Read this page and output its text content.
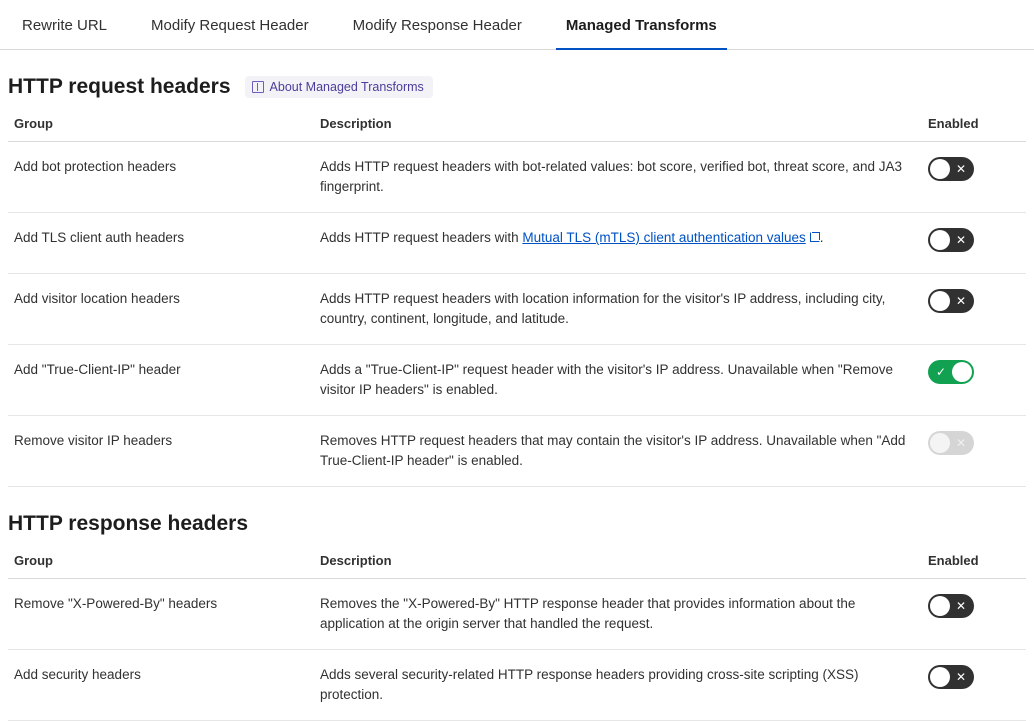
Rewrite URL	Modify Request Header	Modify Response Header	Managed Transforms
HTTP request headers	About Managed Transforms
Group	Description	Enabled
Add bot protection headers	Adds HTTP request headers with bot-related values: bot score, verified bot, threat score, and JA3 fingerprint.	✕

Add TLS client auth headers	Adds HTTP request headers with Mutual TLS (mTLS) client authentication values .	✕

Add visitor location headers	Adds HTTP request headers with location information for the visitor's IP address, including city, country, continent, longitude, and latitude.	✕

Add "True-Client-IP" header	Adds a "True-Client-IP" request header with the visitor's IP address. Unavailable when "Remove visitor IP headers" is enabled.	✓

Remove visitor IP headers	Removes HTTP request headers that may contain the visitor's IP address. Unavailable when "Add True-Client-IP header" is enabled.	✕
HTTP response headers
Group	Description	Enabled
Remove "X-Powered-By" headers	Removes the "X-Powered-By" HTTP response header that provides information about the application at the origin server that handled the request.	✕

Add security headers	Adds several security-related HTTP response headers providing cross-site scripting (XSS) protection.	✕
